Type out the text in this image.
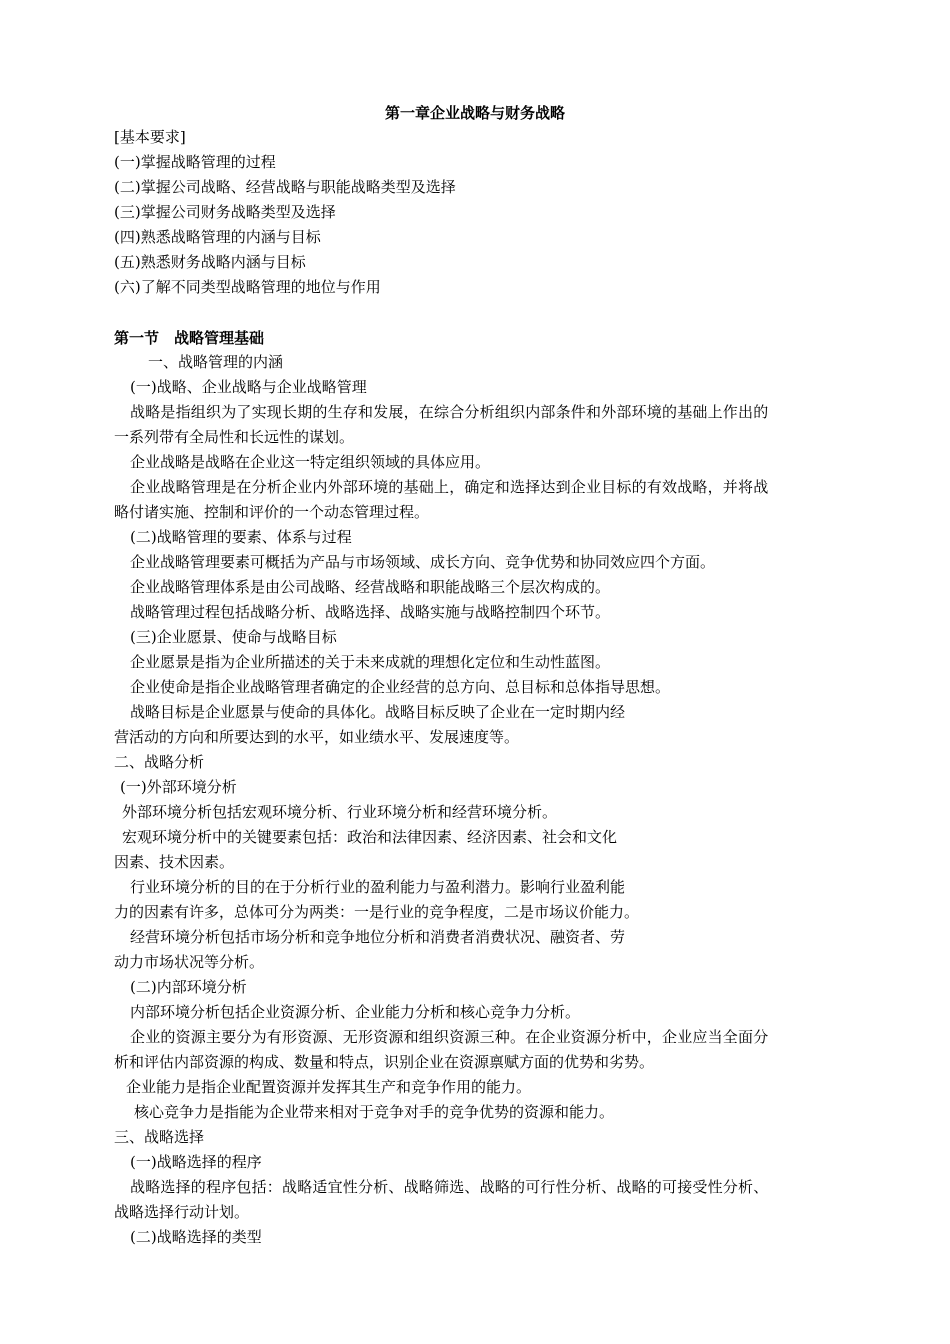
第一章企业战略与财务战略
[基本要求]
(一)掌握战略管理的过程
(二)掌握公司战略、经营战略与职能战略类型及选择
(三)掌握公司财务战略类型及选择
(四)熟悉战略管理的内涵与目标
(五)熟悉财务战略内涵与目标
(六)了解不同类型战略管理的地位与作用
第一节　战略管理基础
一、战略管理的内涵
(一)战略、企业战略与企业战略管理
战略是指组织为了实现长期的生存和发展，在综合分析组织内部条件和外部环境的基础上作出的
一系列带有全局性和长远性的谋划。
企业战略是战略在企业这一特定组织领域的具体应用。
企业战略管理是在分析企业内外部环境的基础上，确定和选择达到企业目标的有效战略，并将战
略付诸实施、控制和评价的一个动态管理过程。
(二)战略管理的要素、体系与过程
企业战略管理要素可概括为产品与市场领域、成长方向、竞争优势和协同效应四个方面。
企业战略管理体系是由公司战略、经营战略和职能战略三个层次构成的。
战略管理过程包括战略分析、战略选择、战略实施与战略控制四个环节。
(三)企业愿景、使命与战略目标
企业愿景是指为企业所描述的关于未来成就的理想化定位和生动性蓝图。
企业使命是指企业战略管理者确定的企业经营的总方向、总目标和总体指导思想。
战略目标是企业愿景与使命的具体化。战略目标反映了企业在一定时期内经
营活动的方向和所要达到的水平，如业绩水平、发展速度等。
二、战略分析
(一)外部环境分析
外部环境分析包括宏观环境分析、行业环境分析和经营环境分析。
宏观环境分析中的关键要素包括：政治和法律因素、经济因素、社会和文化
因素、技术因素。
行业环境分析的目的在于分析行业的盈利能力与盈利潜力。影响行业盈利能
力的因素有许多，总体可分为两类：一是行业的竞争程度，二是市场议价能力。
经营环境分析包括市场分析和竞争地位分析和消费者消费状况、融资者、劳
动力市场状况等分析。
(二)内部环境分析
内部环境分析包括企业资源分析、企业能力分析和核心竞争力分析。
企业的资源主要分为有形资源、无形资源和组织资源三种。在企业资源分析中，企业应当全面分
析和评估内部资源的构成、数量和特点，识别企业在资源禀赋方面的优势和劣势。
企业能力是指企业配置资源并发挥其生产和竞争作用的能力。
核心竞争力是指能为企业带来相对于竞争对手的竞争优势的资源和能力。
三、战略选择
(一)战略选择的程序
战略选择的程序包括：战略适宜性分析、战略筛选、战略的可行性分析、战略的可接受性分析、
战略选择行动计划。
(二)战略选择的类型
